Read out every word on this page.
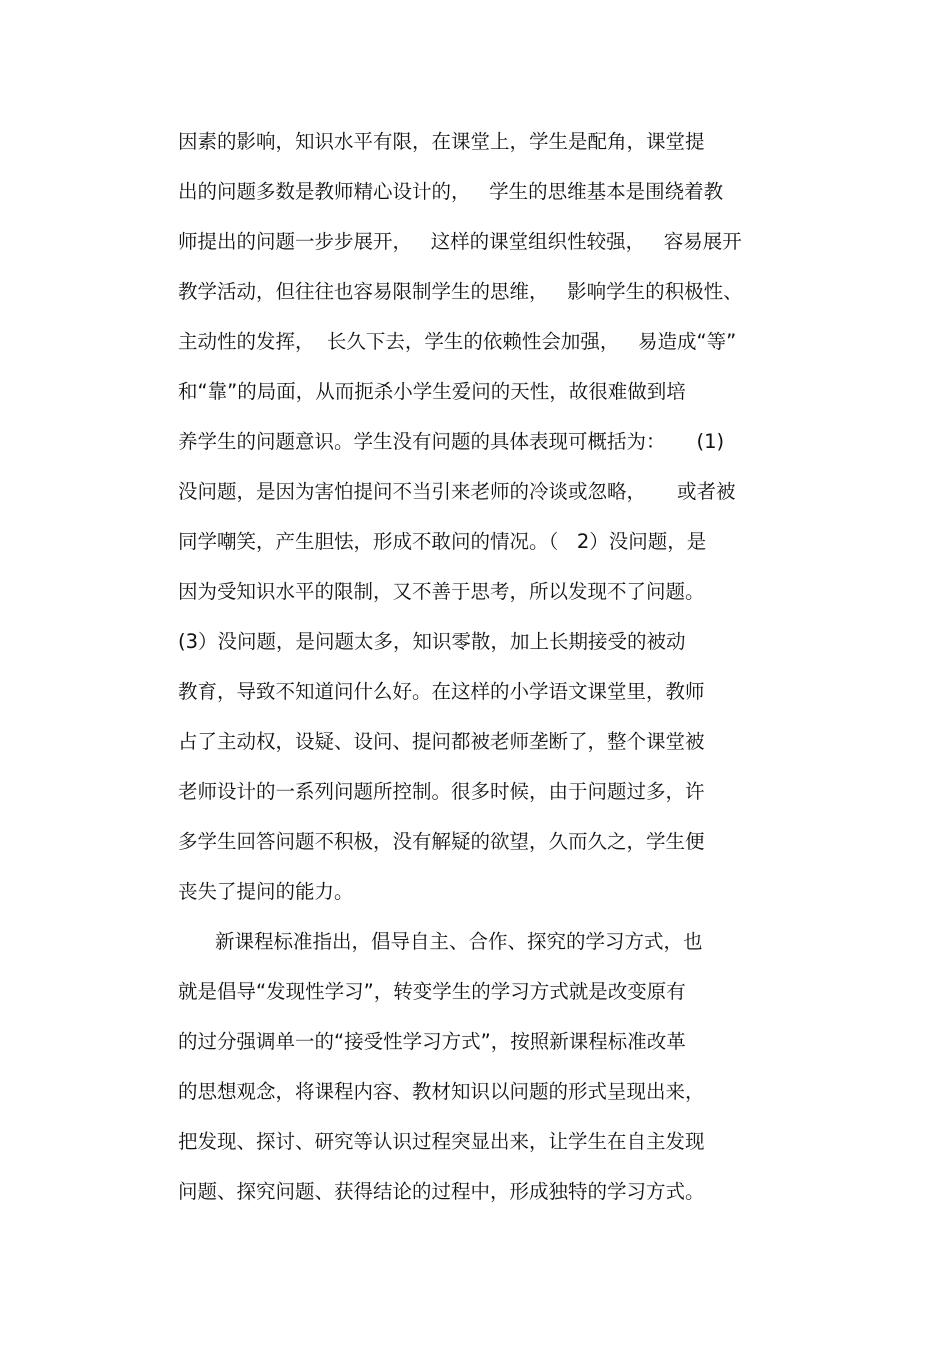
因素的影响，知识水平有限，在课堂上，学生是配角，课堂提

出的问题多数是教师精心设计的，   学生的思维基本是围绕着教

师提出的问题一步步展开，   这样的课堂组织性较强，   容易展开

教学活动，但往往也容易限制学生的思维，   影响学生的积极性、

主动性的发挥，  长久下去，学生的依赖性会加强，   易造成“等”

和“靠”的局面，从而扼杀小学生爱问的天性，故很难做到培

养学生的问题意识。学生没有问题的具体表现可概括为：     (1)

没问题，是因为害怕提问不当引来老师的冷谈或忽略，     或者被

同学嘲笑，产生胆怯，形成不敢问的情况。（   2）没问题，是

因为受知识水平的限制，又不善于思考，所以发现不了问题。

(3）没问题，是问题太多，知识零散，加上长期接受的被动

教育，导致不知道问什么好。在这样的小学语文课堂里，教师

占了主动权，设疑、设问、提问都被老师垄断了，整个课堂被

老师设计的一系列问题所控制。很多时候，由于问题过多，许

多学生回答问题不积极，没有解疑的欲望，久而久之，学生便

丧失了提问的能力。

新课程标准指出，倡导自主、合作、探究的学习方式，也

就是倡导“发现性学习”，转变学生的学习方式就是改变原有

的过分强调单一的“接受性学习方式”，按照新课程标准改革

的思想观念，将课程内容、教材知识以问题的形式呈现出来，

把发现、探讨、研究等认识过程突显出来，让学生在自主发现

问题、探究问题、获得结论的过程中，形成独特的学习方式。
